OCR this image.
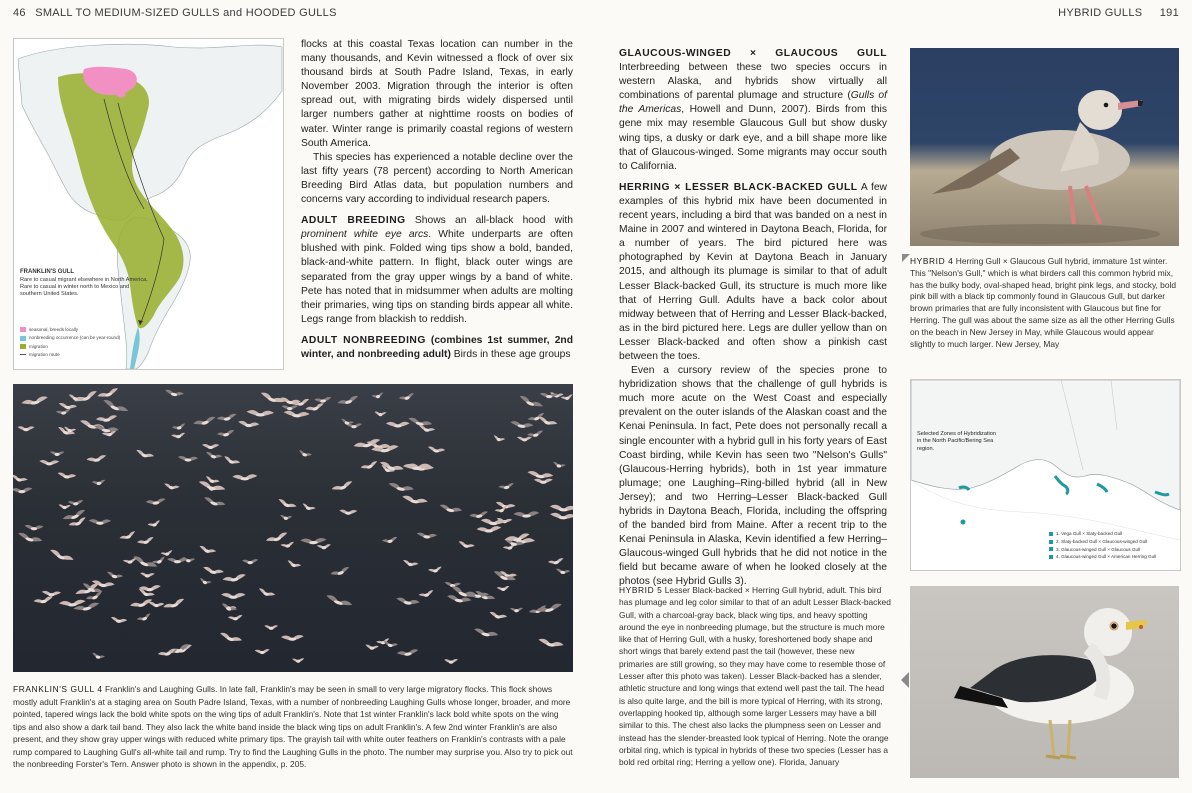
46 SMALL TO MEDIUM-SIZED GULLS and HOODED GULLS	HYBRID GULLS 191
FRANKLIN'S GULL
Rare to casual migrant elsewhere in North America. Rare to casual in winter north to Mexico and southern United States.
seasonal, breeds locally
nonbreeding occurrence (can be year-round)
migration
migration route

flocks at this coastal Texas location can number in the many thousands, and Kevin witnessed a flock of over six thousand birds at South Padre Island, Texas, in early November 2003. Migration through the interior is often spread out, with migrating birds widely dispersed until larger numbers gather at nighttime roosts on bodies of water. Winter range is primarily coastal regions of western South America.

This species has experienced a notable decline over the last fifty years (78 percent) according to North American Breeding Bird Atlas data, but population numbers and concerns vary according to individual research papers.

ADULT BREEDING Shows an all-black hood with prominent white eye arcs. White underparts are often blushed with pink. Folded wing tips show a bold, banded, black-and-white pattern. In flight, black outer wings are separated from the gray upper wings by a band of white. Pete has noted that in midsummer when adults are molting their primaries, wing tips on standing birds appear all white. Legs range from blackish to reddish.

ADULT NONBREEDING (combines 1st summer, 2nd winter, and nonbreeding adult) Birds in these age groups

FRANKLIN'S GULL 4 Franklin's and Laughing Gulls. In late fall, Franklin's may be seen in small to very large migratory flocks. This flock shows mostly adult Franklin's at a staging area on South Padre Island, Texas, with a number of nonbreeding Laughing Gulls whose longer, broader, and more pointed, tapered wings lack the bold white spots on the wing tips of adult Franklin's. Note that 1st winter Franklin's lack bold white spots on the wing tips and also show a dark tail band. They also lack the white band inside the black wing tips on adult Franklin's. A few 2nd winter Franklin's are also present, and they show gray upper wings with reduced white primary tips. The grayish tail with white outer feathers on Franklin's contrasts with a pale rump compared to Laughing Gull's all-white tail and rump. Try to find the Laughing Gulls in the photo. The number may surprise you. Also try to pick out the nonbreeding Forster's Tern. Answer photo is shown in the appendix, p. 205.

GLAUCOUS-WINGED × GLAUCOUS GULL Interbreeding between these two species occurs in western Alaska, and hybrids show virtually all combinations of parental plumage and structure (Gulls of the Americas, Howell and Dunn, 2007). Birds from this gene mix may resemble Glaucous Gull but show dusky wing tips, a dusky or dark eye, and a bill shape more like that of Glaucous-winged. Some migrants may occur south to California.

HERRING × LESSER BLACK-BACKED GULL A few examples of this hybrid mix have been documented in recent years, including a bird that was banded on a nest in Maine in 2007 and wintered in Daytona Beach, Florida, for a number of years. The bird pictured here was photographed by Kevin at Daytona Beach in January 2015, and although its plumage is similar to that of adult Lesser Black-backed Gull, its structure is much more like that of Herring Gull. Adults have a back color about midway between that of Herring and Lesser Black-backed, as in the bird pictured here. Legs are duller yellow than on Lesser Black-backed and often show a pinkish cast between the toes.

Even a cursory review of the species prone to hybridization shows that the challenge of gull hybrids is much more acute on the West Coast and especially prevalent on the outer islands of the Alaskan coast and the Kenai Peninsula. In fact, Pete does not personally recall a single encounter with a hybrid gull in his forty years of East Coast birding, while Kevin has seen two "Nelson's Gulls" (Glaucous-Herring hybrids), both in 1st year immature plumage; one Laughing–Ring-billed hybrid (all in New Jersey); and two Herring–Lesser Black-backed Gull hybrids in Daytona Beach, Florida, including the offspring of the banded bird from Maine. After a recent trip to the Kenai Peninsula in Alaska, Kevin identified a few Herring–Glaucous-winged Gull hybrids that he did not notice in the field but became aware of when he looked closely at the photos (see Hybrid Gulls 3).

HYBRID 5 Lesser Black-backed × Herring Gull hybrid, adult. This bird has plumage and leg color similar to that of an adult Lesser Black-backed Gull, with a charcoal-gray back, black wing tips, and heavy spotting around the eye in nonbreeding plumage, but the structure is much more like that of Herring Gull, with a husky, foreshortened body shape and short wings that barely extend past the tail (however, these new primaries are still growing, so they may have come to resemble those of Lesser after this photo was taken). Lesser Black-backed has a slender, athletic structure and long wings that extend well past the tail. The head is also quite large, and the bill is more typical of Herring, with its strong, overlapping hooked tip, although some larger Lessers may have a bill similar to this. The chest also lacks the plumpness seen on Lesser and instead has the slender-breasted look typical of Herring. Note the orange orbital ring, which is typical in hybrids of these two species (Lesser has a bold red orbital ring; Herring a yellow one). Florida, January

HYBRID 4 Herring Gull × Glaucous Gull hybrid, immature 1st winter. This "Nelson's Gull," which is what birders call this common hybrid mix, has the bulky body, oval-shaped head, bright pink legs, and stocky, bold pink bill with a black tip commonly found in Glaucous Gull, but darker brown primaries that are fully inconsistent with Glaucous but fine for Herring. The gull was about the same size as all the other Herring Gulls on the beach in New Jersey in May, while Glaucous would appear slightly to much larger. New Jersey, May

Selected Zones of Hybridization in the North Pacific/Bering Sea region.
1. Vega Gull × Slaty-backed Gull
2. Slaty-backed Gull × Glaucous-winged Gull
3. Glaucous-winged Gull × Glaucous Gull
4. Glaucous-winged Gull × American Herring Gull
